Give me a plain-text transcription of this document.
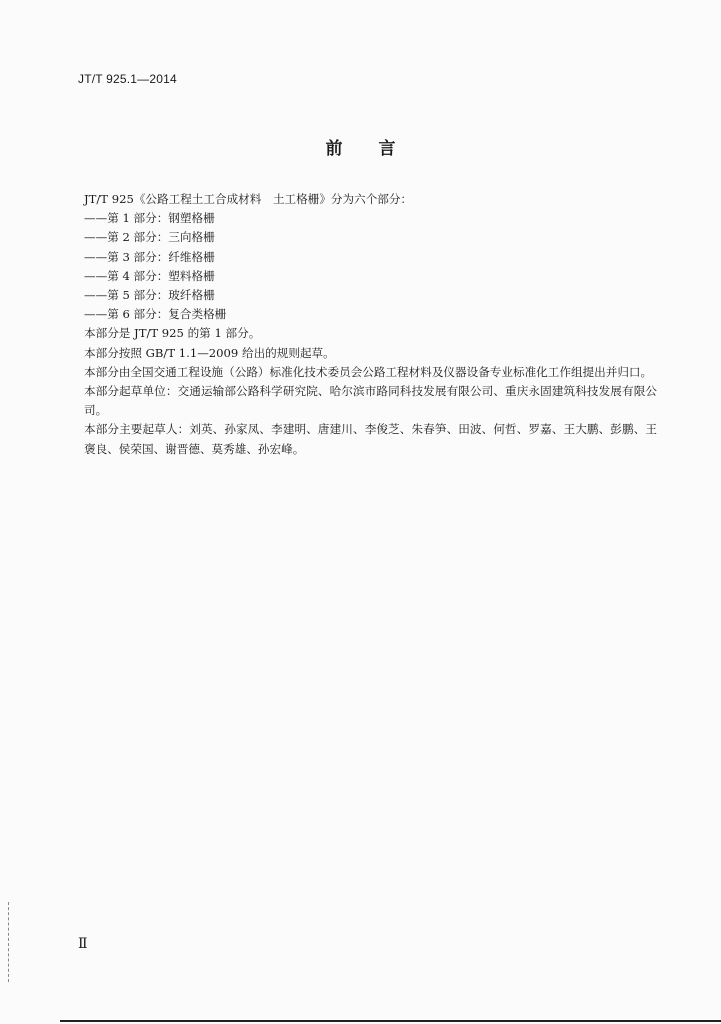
JT/T 925.1—2014
前 言

JT/T 925《公路工程土工合成材料　土工格栅》分为六个部分：

——第 1 部分：钢塑格栅

——第 2 部分：三向格栅

——第 3 部分：纤维格栅

——第 4 部分：塑料格栅

——第 5 部分：玻纤格栅

——第 6 部分：复合类格栅

本部分是 JT/T 925 的第 1 部分。

本部分按照 GB/T 1.1—2009 给出的规则起草。

本部分由全国交通工程设施（公路）标准化技术委员会公路工程材料及仪器设备专业标准化工作组提出并归口。

本部分起草单位：交通运输部公路科学研究院、哈尔滨市路同科技发展有限公司、重庆永固建筑科技发展有限公司。

本部分主要起草人：刘英、孙家凤、李建明、唐建川、李俊芝、朱春笋、田波、何哲、罗嘉、王大鹏、彭鹏、王褒良、侯荣国、谢晋德、莫秀雄、孙宏峰。

Ⅱ
